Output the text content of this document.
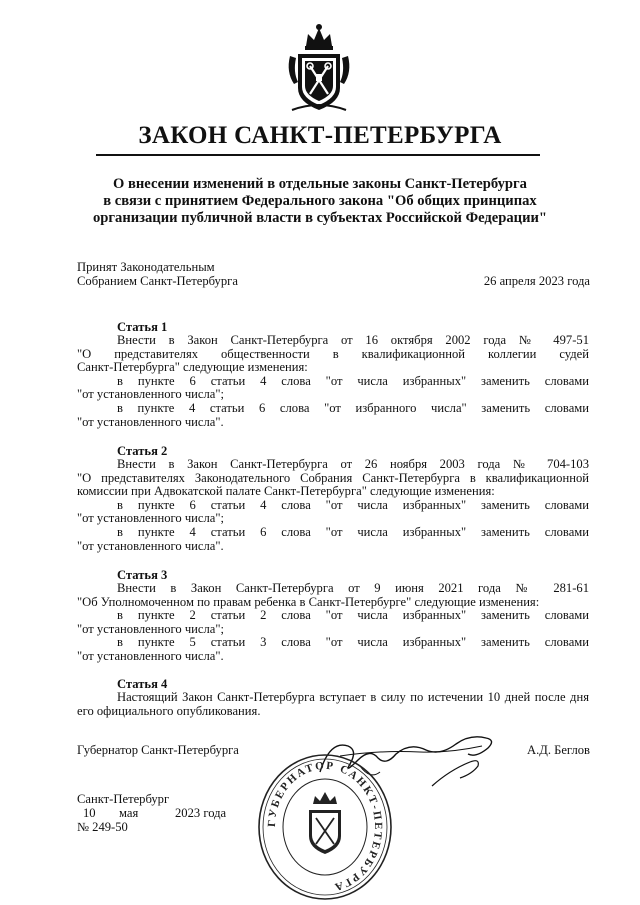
ЗАКОН САНКТ-ПЕТЕРБУРГА
О внесении изменений в отдельные законы Санкт-Петербурга
в связи с принятием Федерального закона "Об общих принципах
организации публичной власти в субъектах Российской Федерации"
Принят Законодательным
Собранием Санкт-Петербурга	26 апреля 2023 года
Статья 1
Внести в Закон Санкт-Петербурга от 16 октября 2002 года № 497-51
"О представителях общественности в квалификационной коллегии судей
Санкт-Петербурга" следующие изменения:
в пункте 6 статьи 4 слова "от числа избранных" заменить словами
"от установленного числа";
в пункте 4 статьи 6 слова "от избранного числа" заменить словами
"от установленного числа".
Статья 2
Внести в Закон Санкт-Петербурга от 26 ноября 2003 года № 704-103
"О представителях Законодательного Собрания Санкт-Петербурга в квалификационной
комиссии при Адвокатской палате Санкт-Петербурга" следующие изменения:
в пункте 6 статьи 4 слова "от числа избранных" заменить словами
"от установленного числа";
в пункте 4 статьи 6 слова "от числа избранных" заменить словами
"от установленного числа".
Статья 3
Внести в Закон Санкт-Петербурга от 9 июня 2021 года № 281-61
"Об Уполномоченном по правам ребенка в Санкт-Петербурге" следующие изменения:
в пункте 2 статьи 2 слова "от числа избранных" заменить словами
"от установленного числа";
в пункте 5 статьи 3 слова "от числа избранных" заменить словами
"от установленного числа".
Статья 4
Настоящий Закон Санкт-Петербурга вступает в силу по истечении 10 дней после дня
его официального опубликования.
Губернатор Санкт-Петербурга	А.Д. Беглов
ГУБЕРНАТОР САНКТ-ПЕТЕРБУРГА
Санкт-Петербург
10 мая	2023 года
№ 249-50
